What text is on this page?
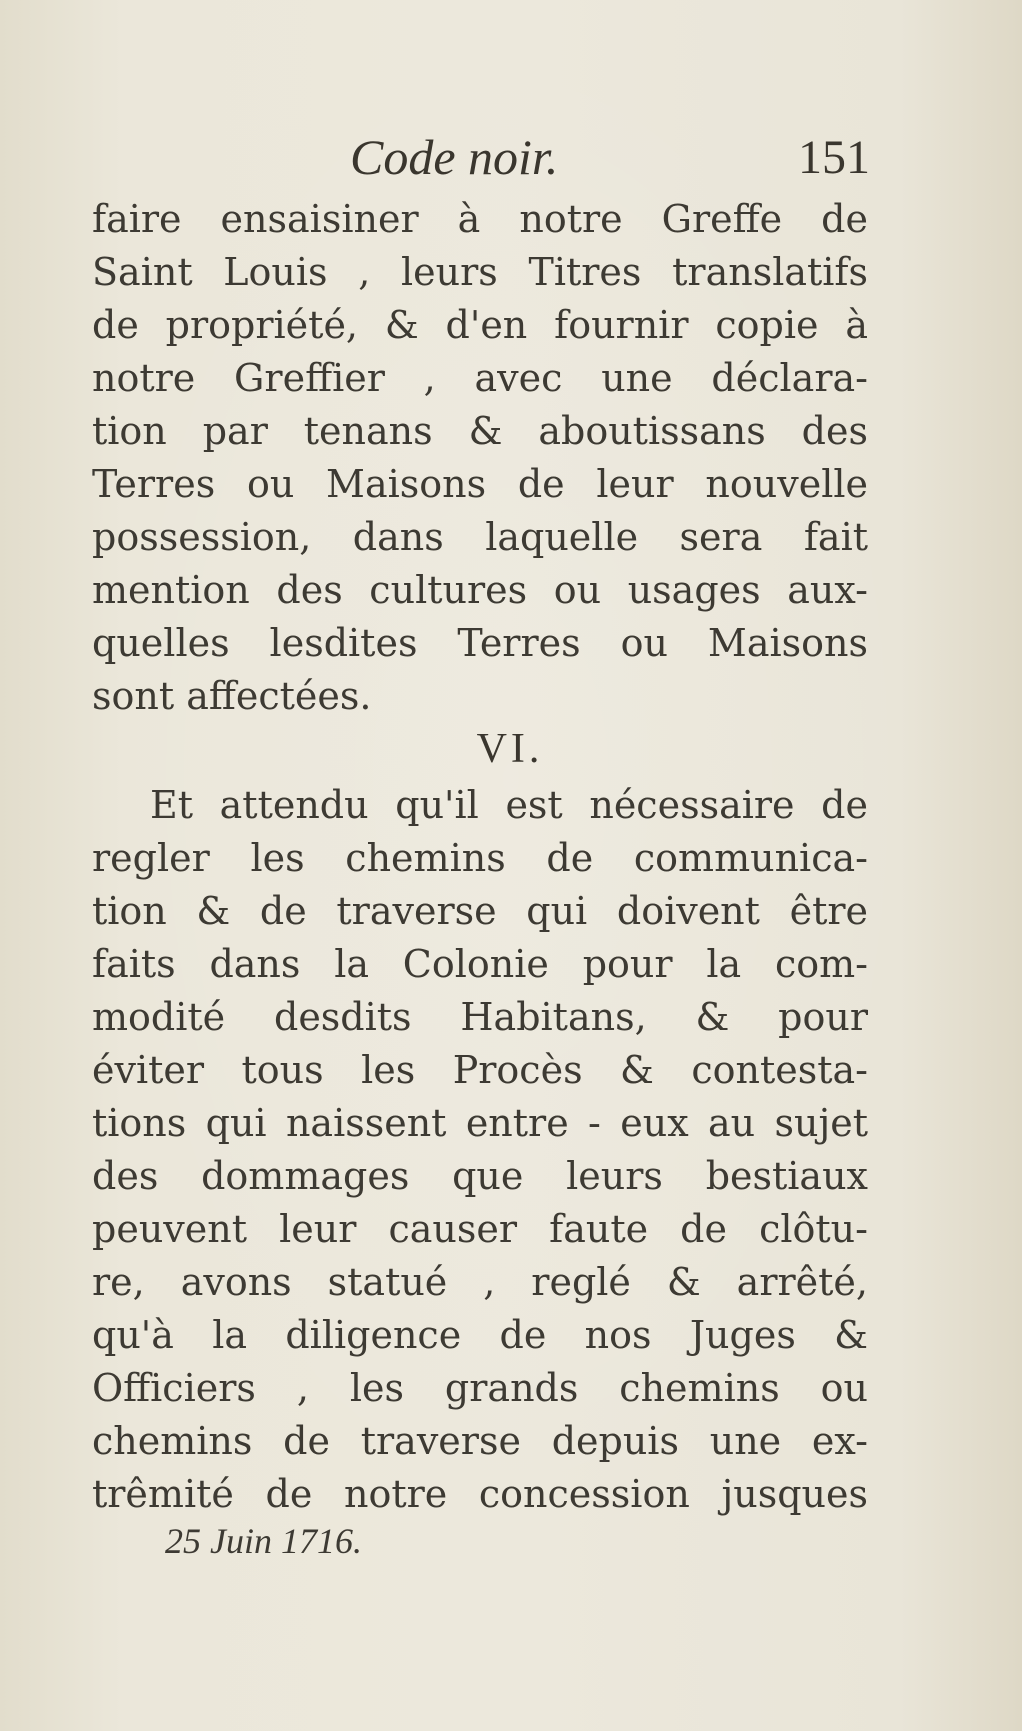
Code noir.	151
faire ensaisiner à notre Greffe de
Saint Louis , leurs Titres translatifs
de propriété, & d'en fournir copie à
notre Greffier , avec une déclara-
tion par tenans & aboutissans des
Terres ou Maisons de leur nouvelle
possession, dans laquelle sera fait
mention des cultures ou usages aux-
quelles lesdites Terres ou Maisons
sont affectées.
VI.
Et attendu qu'il est nécessaire de
regler les chemins de communica-
tion & de traverse qui doivent être
faits dans la Colonie pour la com-
modité desdits Habitans, & pour
éviter tous les Procès & contesta-
tions qui naissent entre - eux au sujet
des dommages que leurs bestiaux
peuvent leur causer faute de clôtu-
re, avons statué , reglé & arrêté,
qu'à la diligence de nos Juges &
Officiers , les grands chemins ou
chemins de traverse depuis une ex-
trêmité de notre concession jusques
25 Juin 1716.
